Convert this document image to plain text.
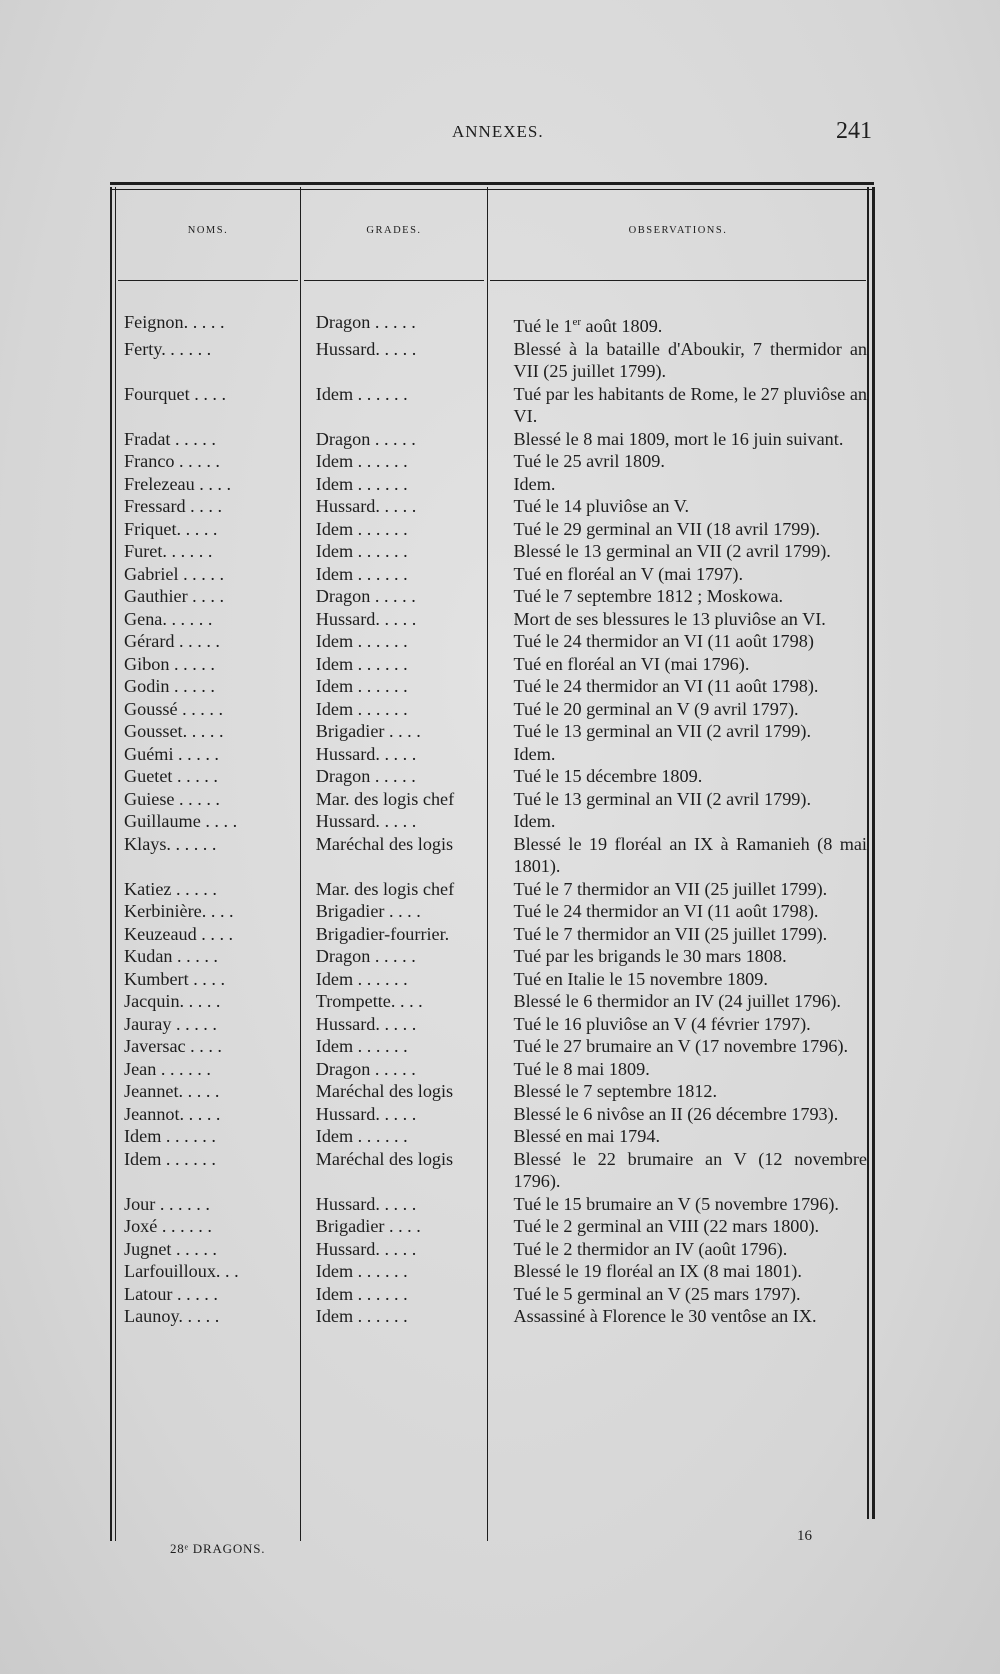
ANNEXES.	241
NOMS.	GRADES.	OBSERVATIONS.
Feignon. . . . .	Dragon . . . . .	Tué le 1er août 1809.
Ferty. . . . . .	Hussard. . . . .	Blessé à la bataille d'Aboukir, 7 thermidor an VII (25 juillet 1799).
Fourquet . . . .	Idem . . . . . .	Tué par les habitants de Rome, le 27 pluviôse an VI.
Fradat . . . . .	Dragon . . . . .	Blessé le 8 mai 1809, mort le 16 juin suivant.
Franco . . . . .	Idem . . . . . .	Tué le 25 avril 1809.
Frelezeau . . . .	Idem . . . . . .	Idem.
Fressard . . . .	Hussard. . . . .	Tué le 14 pluviôse an V.
Friquet. . . . .	Idem . . . . . .	Tué le 29 germinal an VII (18 avril 1799).
Furet. . . . . .	Idem . . . . . .	Blessé le 13 germinal an VII (2 avril 1799).
Gabriel . . . . .	Idem . . . . . .	Tué en floréal an V (mai 1797).
Gauthier . . . .	Dragon . . . . .	Tué le 7 septembre 1812 ; Moskowa.
Gena. . . . . .	Hussard. . . . .	Mort de ses blessures le 13 pluviôse an VI.
Gérard . . . . .	Idem . . . . . .	Tué le 24 thermidor an VI (11 août 1798)
Gibon . . . . .	Idem . . . . . .	Tué en floréal an VI (mai 1796).
Godin . . . . .	Idem . . . . . .	Tué le 24 thermidor an VI (11 août 1798).
Goussé . . . . .	Idem . . . . . .	Tué le 20 germinal an V (9 avril 1797).
Gousset. . . . .	Brigadier . . . .	Tué le 13 germinal an VII (2 avril 1799).
Guémi . . . . .	Hussard. . . . .	Idem.
Guetet . . . . .	Dragon . . . . .	Tué le 15 décembre 1809.
Guiese . . . . .	Mar. des logis chef	Tué le 13 germinal an VII (2 avril 1799).
Guillaume . . . .	Hussard. . . . .	Idem.
Klays. . . . . .	Maréchal des logis	Blessé le 19 floréal an IX à Ramanieh (8 mai 1801).
Katiez . . . . .	Mar. des logis chef	Tué le 7 thermidor an VII (25 juillet 1799).
Kerbinière. . . .	Brigadier . . . .	Tué le 24 thermidor an VI (11 août 1798).
Keuzeaud . . . .	Brigadier-fourrier.	Tué le 7 thermidor an VII (25 juillet 1799).
Kudan . . . . .	Dragon . . . . .	Tué par les brigands le 30 mars 1808.
Kumbert . . . .	Idem . . . . . .	Tué en Italie le 15 novembre 1809.
Jacquin. . . . .	Trompette. . . .	Blessé le 6 thermidor an IV (24 juillet 1796).
Jauray . . . . .	Hussard. . . . .	Tué le 16 pluviôse an V (4 février 1797).
Javersac . . . .	Idem . . . . . .	Tué le 27 brumaire an V (17 novembre 1796).
Jean . . . . . .	Dragon . . . . .	Tué le 8 mai 1809.
Jeannet. . . . .	Maréchal des logis	Blessé le 7 septembre 1812.
Jeannot. . . . .	Hussard. . . . .	Blessé le 6 nivôse an II (26 décembre 1793).
Idem . . . . . .	Idem . . . . . .	Blessé en mai 1794.
Idem . . . . . .	Maréchal des logis	Blessé le 22 brumaire an V (12 novembre 1796).
Jour . . . . . .	Hussard. . . . .	Tué le 15 brumaire an V (5 novembre 1796).
Joxé . . . . . .	Brigadier . . . .	Tué le 2 germinal an VIII (22 mars 1800).
Jugnet . . . . .	Hussard. . . . .	Tué le 2 thermidor an IV (août 1796).
Larfouilloux. . .	Idem . . . . . .	Blessé le 19 floréal an IX (8 mai 1801).
Latour . . . . .	Idem . . . . . .	Tué le 5 germinal an V (25 mars 1797).
Launoy. . . . .	Idem . . . . . .	Assassiné à Florence le 30 ventôse an IX.
28ᵉ DRAGONS.
16
